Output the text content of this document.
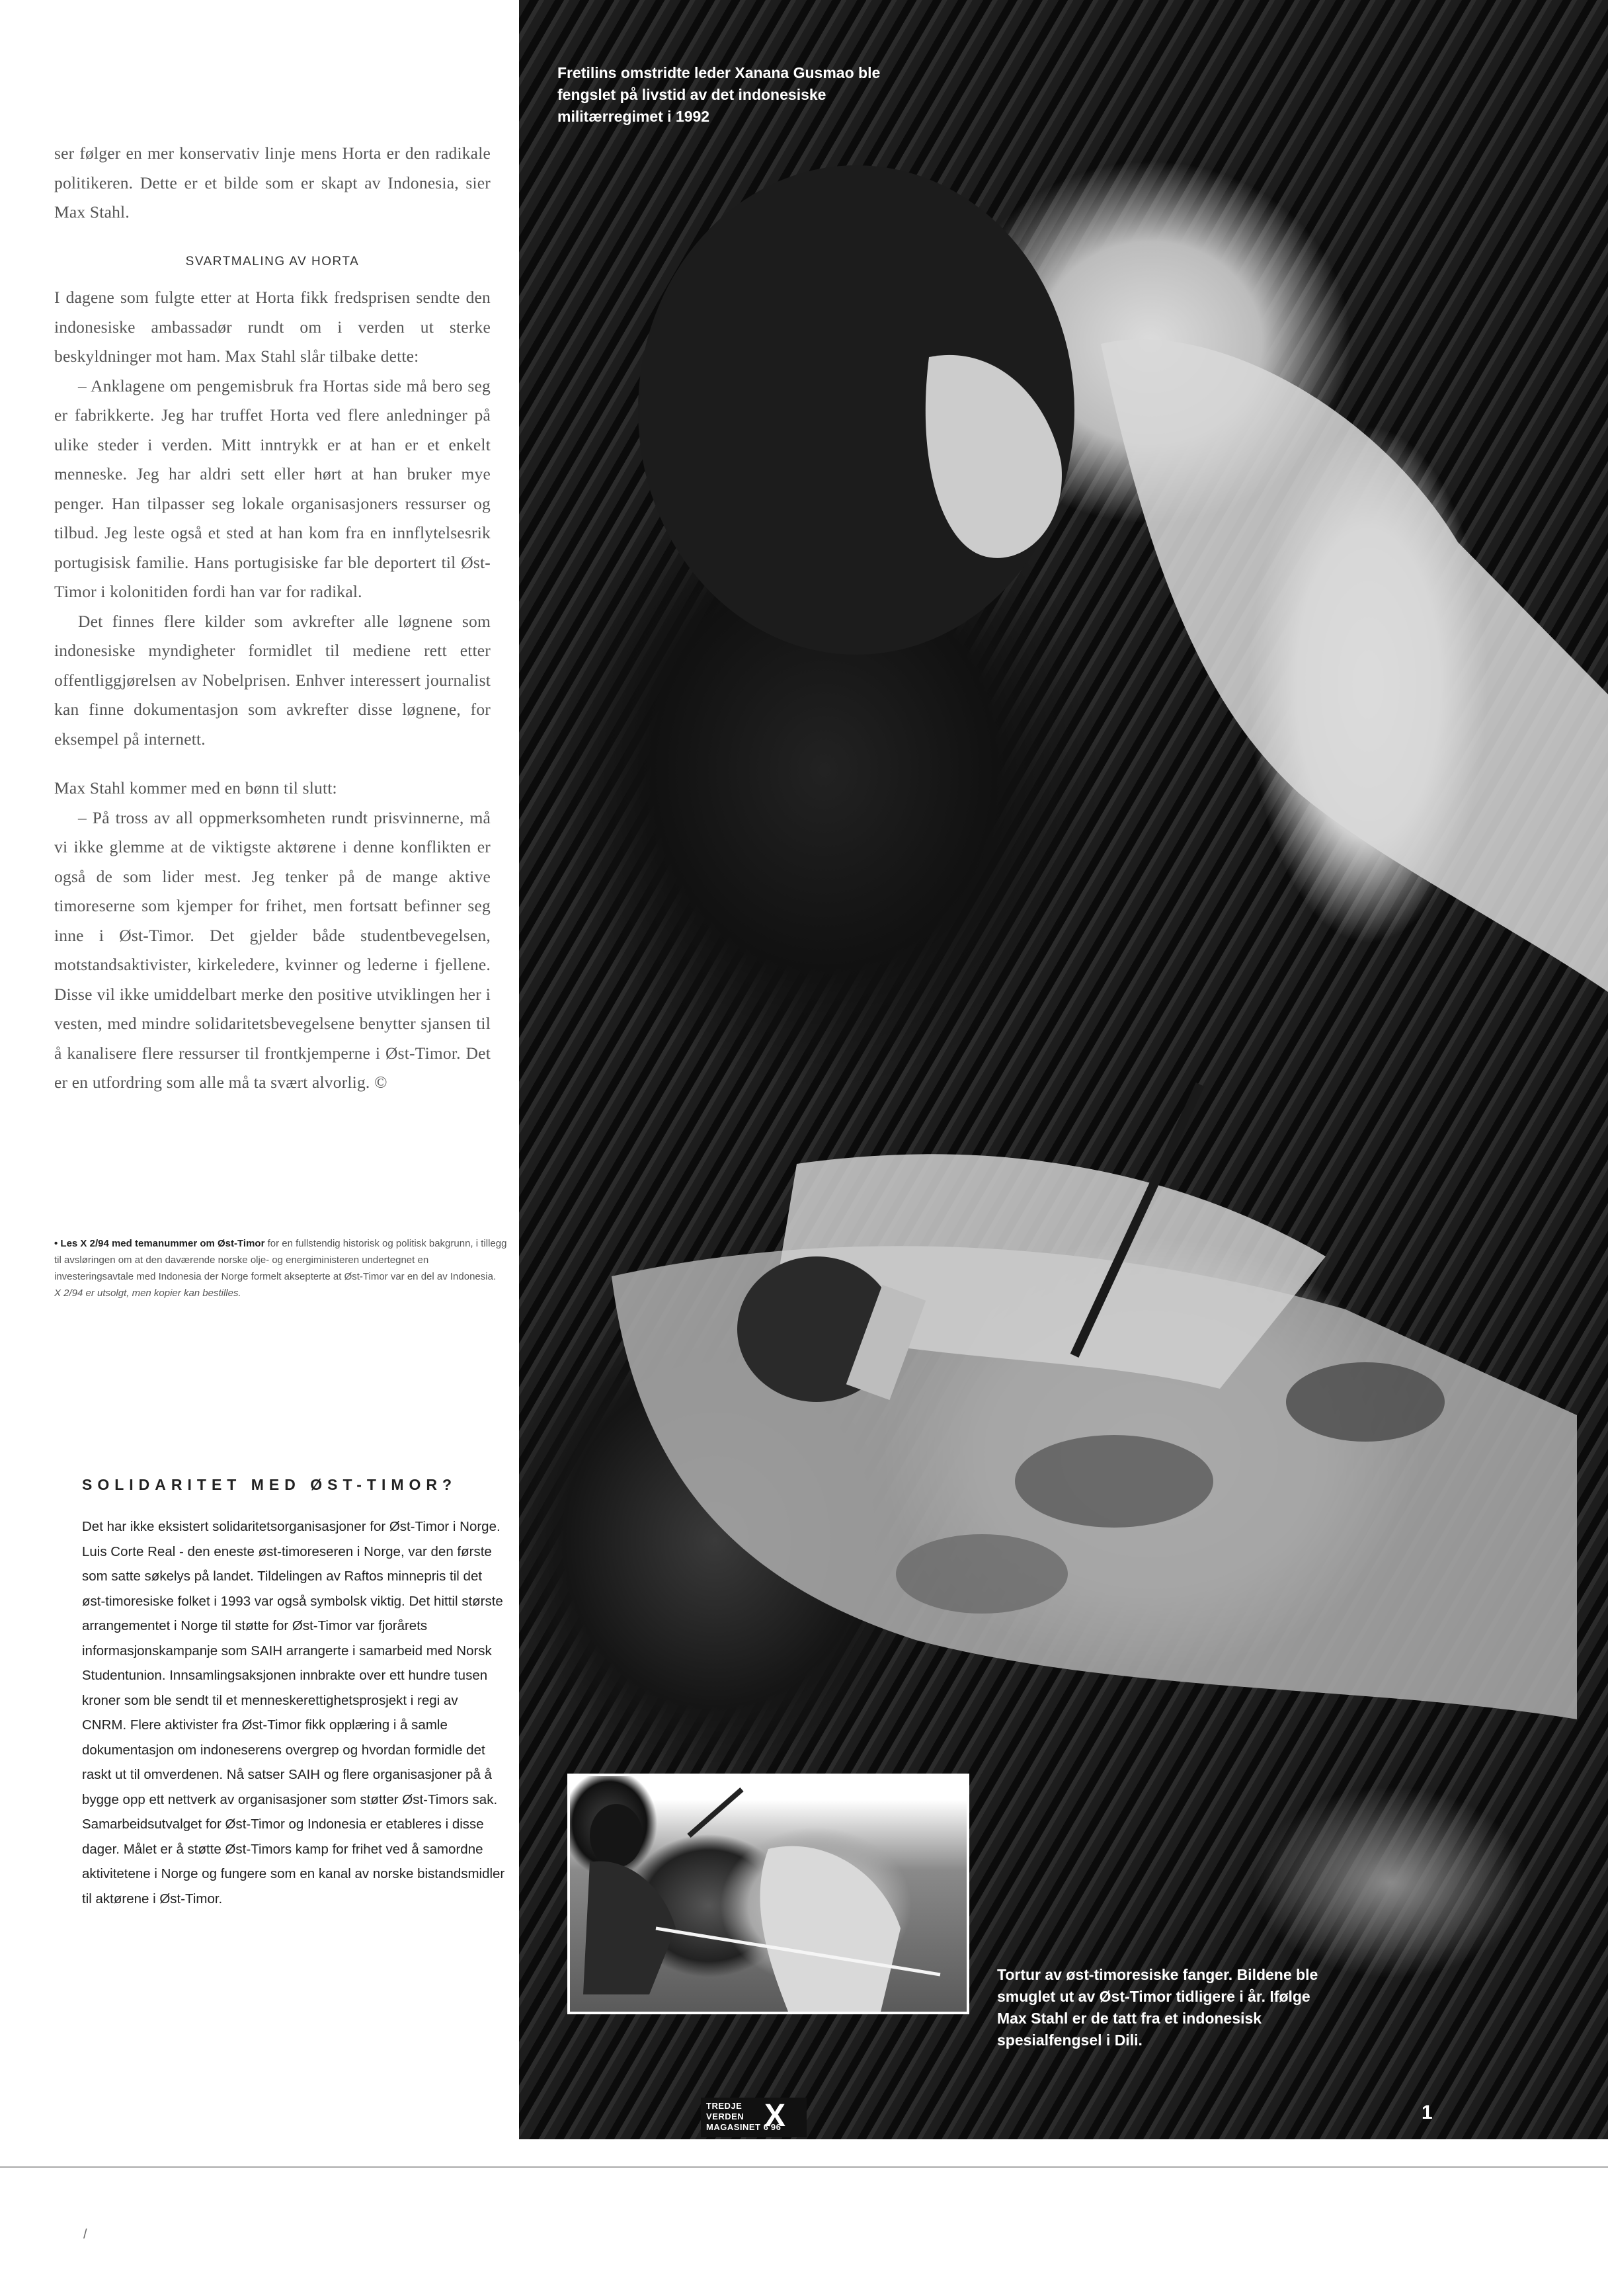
ser følger en mer konservativ linje mens Horta er den radikale politikeren. Dette er et bilde som er skapt av Indonesia, sier Max Stahl.

SVARTMALING AV HORTA

I dagene som fulgte etter at Horta fikk fredsprisen sendte den indonesiske ambassadør rundt om i verden ut sterke beskyldninger mot ham. Max Stahl slår tilbake dette:

– Anklagene om pengemisbruk fra Hortas side må bero seg er fabrikkerte. Jeg har truffet Horta ved flere anledninger på ulike steder i verden. Mitt inntrykk er at han er et enkelt menneske. Jeg har aldri sett eller hørt at han bruker mye penger. Han tilpasser seg lokale organisasjoners ressurser og tilbud. Jeg leste også et sted at han kom fra en innflytelsesrik portugisisk familie. Hans portugisiske far ble deportert til Øst-Timor i kolonitiden fordi han var for radikal.

Det finnes flere kilder som avkrefter alle løgnene som indonesiske myndigheter formidlet til mediene rett etter offentliggjørelsen av Nobelprisen. Enhver interessert journalist kan finne dokumentasjon som avkrefter disse løgnene, for eksempel på internett.

Max Stahl kommer med en bønn til slutt:

– På tross av all oppmerksomheten rundt prisvinnerne, må vi ikke glemme at de viktigste aktørene i denne konflikten er også de som lider mest. Jeg tenker på de mange aktive timoreserne som kjemper for frihet, men fortsatt befinner seg inne i Øst-Timor. Det gjelder både studentbevegelsen, motstandsaktivister, kirkeledere, kvinner og lederne i fjellene. Disse vil ikke umiddelbart merke den positive utviklingen her i vesten, med mindre solidaritetsbevegelsene benytter sjansen til å kanalisere flere ressurser til frontkjemperne i Øst-Timor. Det er en utfordring som alle må ta svært alvorlig. ©

• Les X 2/94 med temanummer om Øst-Timor for en fullstendig historisk og politisk bakgrunn, i tillegg til avsløringen om at den daværende norske olje- og energiministeren undertegnet en investeringsavtale med Indonesia der Norge formelt aksepterte at Øst-Timor var en del av Indonesia.

X 2/94 er utsolgt, men kopier kan bestilles.

SOLIDARITET MED ØST-TIMOR?
Det har ikke eksistert solidaritetsorganisasjoner for Øst-Timor i Norge. Luis Corte Real - den eneste øst-timoreseren i Norge, var den første som satte søkelys på landet. Tildelingen av Raftos minnepris til det øst-timoresiske folket i 1993 var også symbolsk viktig. Det hittil største arrangementet i Norge til støtte for Øst-Timor var fjorårets informasjonskampanje som SAIH arrangerte i samarbeid med Norsk Studentunion. Innsamlingsaksjonen innbrakte over ett hundre tusen kroner som ble sendt til et menneskerettighetsprosjekt i regi av CNRM. Flere aktivister fra Øst-Timor fikk opplæring i å samle dokumentasjon om indoneserens overgrep og hvordan formidle det raskt ut til omverdenen. Nå satser SAIH og flere organisasjoner på å bygge opp ett nettverk av organisasjoner som støtter Øst-Timors sak. Samarbeidsutvalget for Øst-Timor og Indonesia er etableres i disse dager. Målet er å støtte Øst-Timors kamp for frihet ved å samordne aktivitetene i Norge og fungere som en kanal av norske bistandsmidler til aktørene i Øst-Timor.
Fretilins omstridte leder Xanana Gusmao ble fengslet på livstid av det indonesiske militærregimet i 1992
Tortur av øst-timoresiske fanger. Bildene ble smuglet ut av Øst-Timor tidligere i år. Ifølge Max Stahl er de tatt fra et indonesisk spesialfengsel i Dili.
TREDJE
VERDEN
MAGASINET 6'96
X	1
/
